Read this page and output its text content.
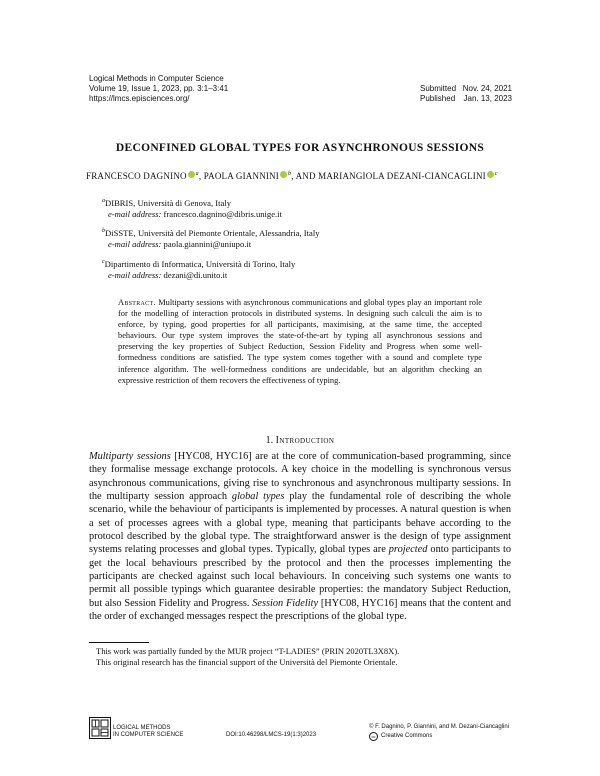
Logical Methods in Computer Science
Volume 19, Issue 1, 2023, pp. 3:1–3:41
https://lmcs.episciences.org/
Submitted Nov. 24, 2021
Published Jan. 13, 2023
DECONFINED GLOBAL TYPES FOR ASYNCHRONOUS SESSIONS
FRANCESCO DAGNINO $^a$, PAOLA GIANNINI $^b$, AND MARIANGIOLA DEZANI-CIANCAGLINI $^c$
$^a$DIBRIS, Università di Genova, Italy
e-mail address: francesco.dagnino@dibris.unige.it
$^b$DiSSTE, Università del Piemonte Orientale, Alessandria, Italy
e-mail address: paola.giannini@uniupo.it
$^c$Dipartimento di Informatica, Università di Torino, Italy
e-mail address: dezani@di.unito.it
Abstract. Multiparty sessions with asynchronous communications and global types play an important role for the modelling of interaction protocols in distributed systems. In designing such calculi the aim is to enforce, by typing, good properties for all participants, maximising, at the same time, the accepted behaviours. Our type system improves the state-of-the-art by typing all asynchronous sessions and preserving the key properties of Subject Reduction, Session Fidelity and Progress when some well-formedness conditions are satisfied. The type system comes together with a sound and complete type inference algorithm. The well-formedness conditions are undecidable, but an algorithm checking an expressive restriction of them recovers the effectiveness of typing.
1. Introduction
Multiparty sessions [HYC08, HYC16] are at the core of communication-based programming, since they formalise message exchange protocols. A key choice in the modelling is synchronous versus asynchronous communications, giving rise to synchronous and asynchronous multiparty sessions. In the multiparty session approach global types play the fundamental role of describing the whole scenario, while the behaviour of participants is implemented by processes. A natural question is when a set of processes agrees with a global type, meaning that participants behave according to the protocol described by the global type. The straightforward answer is the design of type assignment systems relating processes and global types. Typically, global types are projected onto participants to get the local behaviours prescribed by the protocol and then the processes implementing the participants are checked against such local behaviours. In conceiving such systems one wants to permit all possible typings which guarantee desirable properties: the mandatory Subject Reduction, but also Session Fidelity and Progress. Session Fidelity [HYC08, HYC16] means that the content and the order of exchanged messages respect the prescriptions of the global type.
This work was partially funded by the MUR project “T-LADIES” (PRIN 2020TL3X8X).
This original research has the financial support of the Università del Piemonte Orientale.
LOGICAL METHODS
IN COMPUTER SCIENCE	DOI:10.46298/LMCS-19(1:3)2023
© F. Dagnino, P. Giannini, and M. Dezani-Ciancaglini
cc Creative Commons
